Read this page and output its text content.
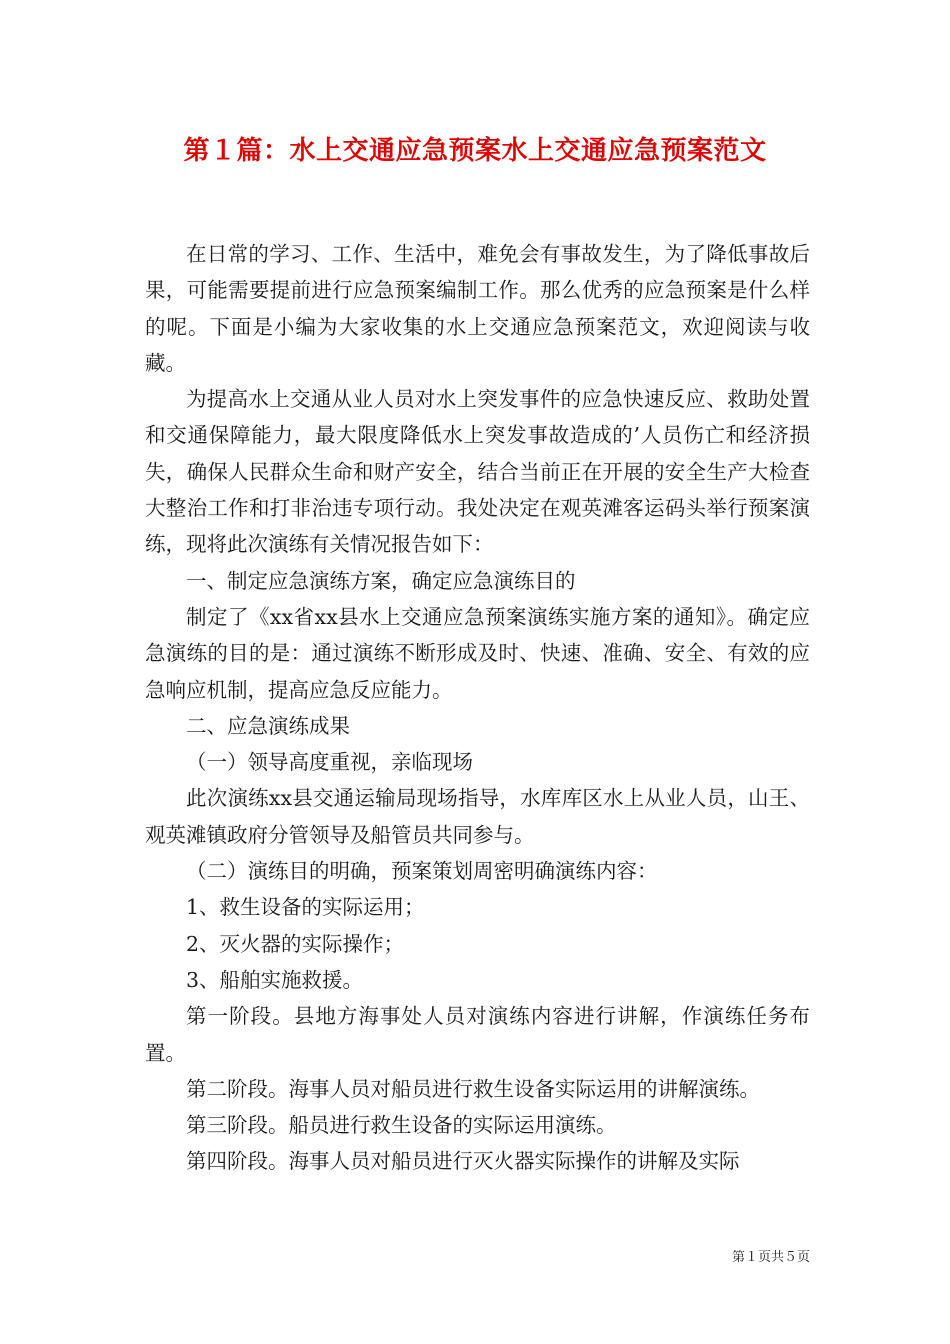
第１篇：水上交通应急预案水上交通应急预案范文

在日常的学习、工作、生活中，难免会有事故发生，为了降低事故后果，可能需要提前进行应急预案编制工作。那么优秀的应急预案是什么样的呢。下面是小编为大家收集的水上交通应急预案范文，欢迎阅读与收藏。

为提高水上交通从业人员对水上突发事件的应急快速反应、救助处置和交通保障能力，最大限度降低水上突发事故造成的’人员伤亡和经济损失，确保人民群众生命和财产安全，结合当前正在开展的安全生产大检查大整治工作和打非治违专项行动。我处决定在观英滩客运码头举行预案演练，现将此次演练有关情况报告如下：

一、制定应急演练方案，确定应急演练目的

制定了《xx省xx县水上交通应急预案演练实施方案的通知》。确定应急演练的目的是：通过演练不断形成及时、快速、准确、安全、有效的应急响应机制，提高应急反应能力。

二、应急演练成果

（一）领导高度重视，亲临现场

此次演练xx县交通运输局现场指导，水库库区水上从业人员，山王、观英滩镇政府分管领导及船管员共同参与。

（二）演练目的明确，预案策划周密明确演练内容：

1、救生设备的实际运用；

2、灭火器的实际操作；

3、船舶实施救援。

第一阶段。县地方海事处人员对演练内容进行讲解，作演练任务布置。

第二阶段。海事人员对船员进行救生设备实际运用的讲解演练。

第三阶段。船员进行救生设备的实际运用演练。

第四阶段。海事人员对船员进行灭火器实际操作的讲解及实际

第１页共５页
